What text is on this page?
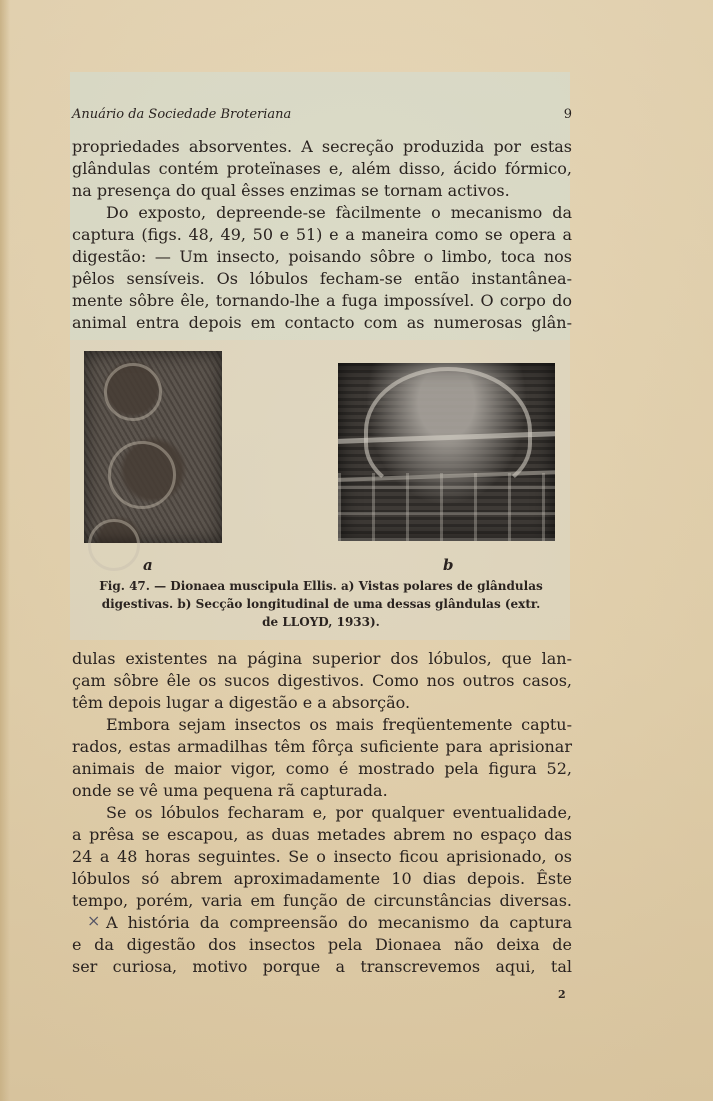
Anuário da Sociedade Broteriana	9
propriedades absorventes. A secreção produzida por estas
glândulas contém proteïnases e, além disso, ácido fórmico,
na presença do qual êsses enzimas se tornam activos.
Do exposto, depreende-se fàcilmente o mecanismo da
captura (figs. 48, 49, 50 e 51) e a maneira como se opera a
digestão: — Um insecto, poisando sôbre o limbo, toca nos
pêlos sensíveis. Os lóbulos fecham-se então instantânea-
mente sôbre êle, tornando-lhe a fuga impossível. O corpo do
animal entra depois em contacto com as numerosas glân-
a	b
Fig. 47. — Dionaea muscipula Ellis. a) Vistas polares de glândulas
digestivas. b) Secção longitudinal de uma dessas glândulas (extr.
de LLOYD, 1933).
dulas existentes na página superior dos lóbulos, que lan-
çam sôbre êle os sucos digestivos. Como nos outros casos,
têm depois lugar a digestão e a absorção.
Embora sejam insectos os mais freqüentemente captu-
rados, estas armadilhas têm fôrça suficiente para aprisionar
animais de maior vigor, como é mostrado pela figura 52,
onde se vê uma pequena rã capturada.
Se os lóbulos fecharam e, por qualquer eventualidade,
a prêsa se escapou, as duas metades abrem no espaço das
24 a 48 horas seguintes. Se o insecto ficou aprisionado, os
lóbulos só abrem aproximadamente 10 dias depois. Êste
tempo, porém, varia em função de circunstâncias diversas.
A história da compreensão do mecanismo da captura
e da digestão dos insectos pela Dionaea não deixa de
ser curiosa, motivo porque a transcrevemos aqui, tal
×
2
